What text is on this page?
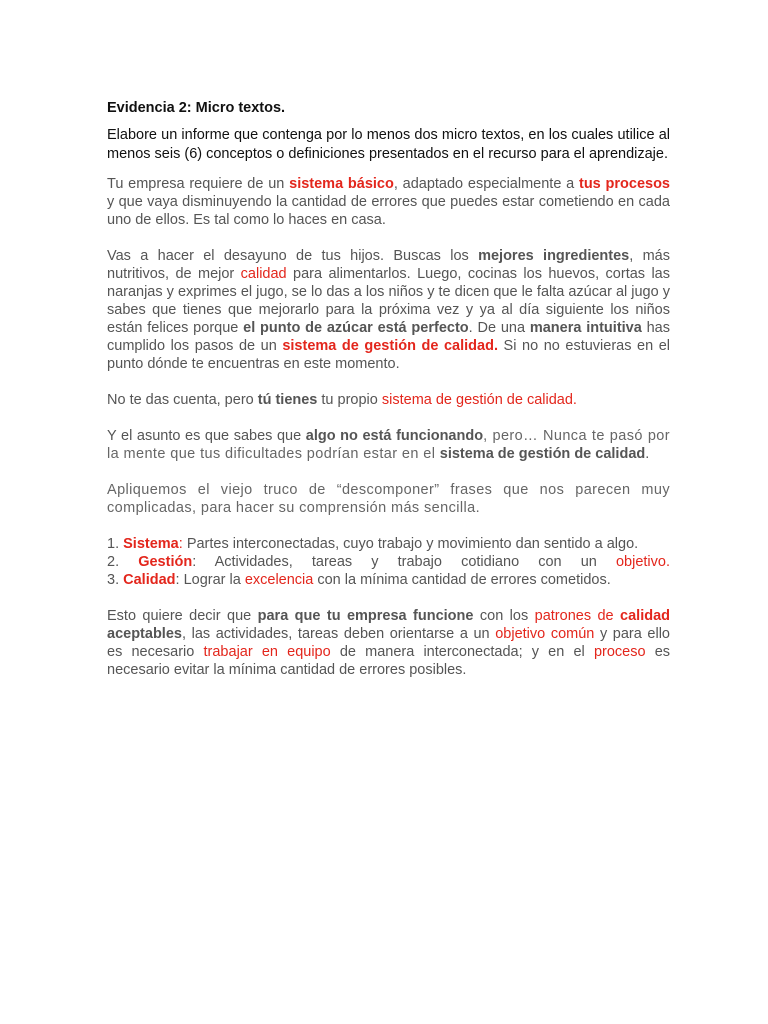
Evidencia 2: Micro textos.
Elabore un informe que contenga por lo menos dos micro textos, en los cuales utilice al menos seis (6) conceptos o definiciones presentados en el recurso para el aprendizaje.
Tu empresa requiere de un sistema básico, adaptado especialmente a tus procesos y que vaya disminuyendo la cantidad de errores que puedes estar cometiendo en cada uno de ellos. Es tal como lo haces en casa.
Vas a hacer el desayuno de tus hijos. Buscas los mejores ingredientes, más nutritivos, de mejor calidad para alimentarlos. Luego, cocinas los huevos, cortas las naranjas y exprimes el jugo, se lo das a los niños y te dicen que le falta azúcar al jugo y sabes que tienes que mejorarlo para la próxima vez y ya al día siguiente los niños están felices porque el punto de azúcar está perfecto. De una manera intuitiva has cumplido los pasos de un sistema de gestión de calidad. Si no no estuvieras en el punto dónde te encuentras en este momento.
No te das cuenta, pero tú tienes tu propio sistema de gestión de calidad.
Y el asunto es que sabes que algo no está funcionando, pero… Nunca te pasó por la mente que tus dificultades podrían estar en el sistema de gestión de calidad.
Apliquemos el viejo truco de “descomponer” frases que nos parecen muy complicadas, para hacer su comprensión más sencilla.
1. Sistema: Partes interconectadas, cuyo trabajo y movimiento dan sentido a algo.
2. Gestión: Actividades, tareas y trabajo cotidiano con un objetivo.
3. Calidad: Lograr la excelencia con la mínima cantidad de errores cometidos.
Esto quiere decir que para que tu empresa funcione con los patrones de calidad aceptables, las actividades, tareas deben orientarse a un objetivo común y para ello es necesario trabajar en equipo de manera interconectada; y en el proceso es necesario evitar la mínima cantidad de errores posibles.
